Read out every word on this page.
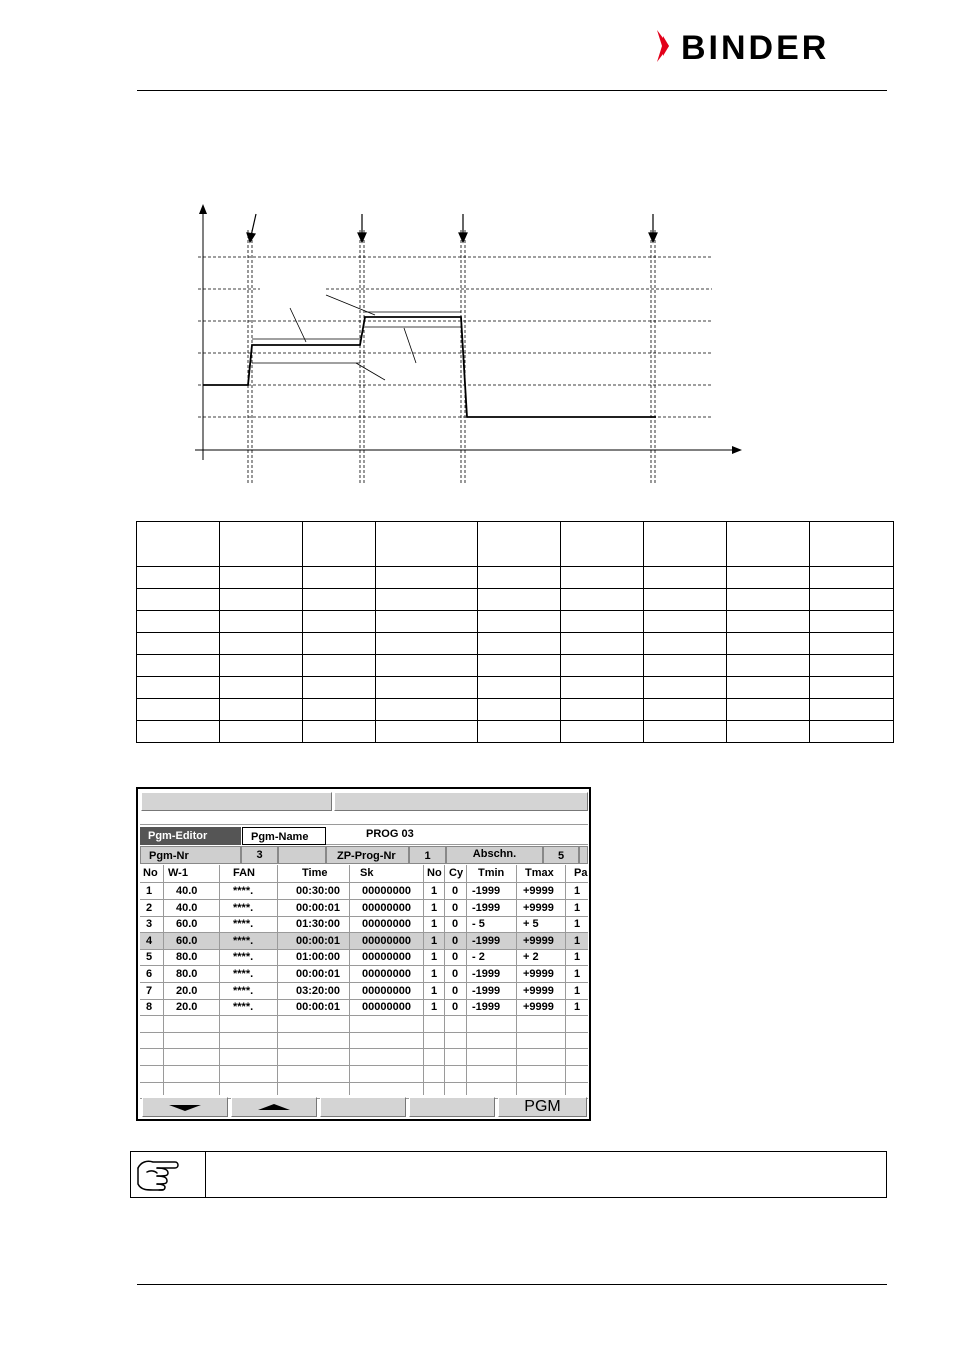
BINDER

Pgm-Editor	Pgm-Name	PROG 03
Pgm-Nr	3	ZP-Prog-Nr	1	Abschn.	5
No W-1	FAN	Time	Sk	No Cy Tmin Tmax Pa
1 40.0	****.	00:30:00 00000000 1 0 -1999 +9999 1
2 40.0	****.	00:00:01 00000000 1 0 -1999 +9999 1
3 60.0	****.	01:30:00 00000000 1 0 - 5	+ 5	1
4 60.0	****.	00:00:01 00000000 1 0 -1999 +9999 1
5 80.0	****.	01:00:00 00000000 1 0 - 2	+ 2	1
6 80.0	****.	00:00:01 00000000 1 0 -1999 +9999 1
7 20.0	****.	03:20:00 00000000 1 0 -1999 +9999 1
8 20.0	****.	00:00:01 00000000 1 0 -1999 +9999 1
PGM
